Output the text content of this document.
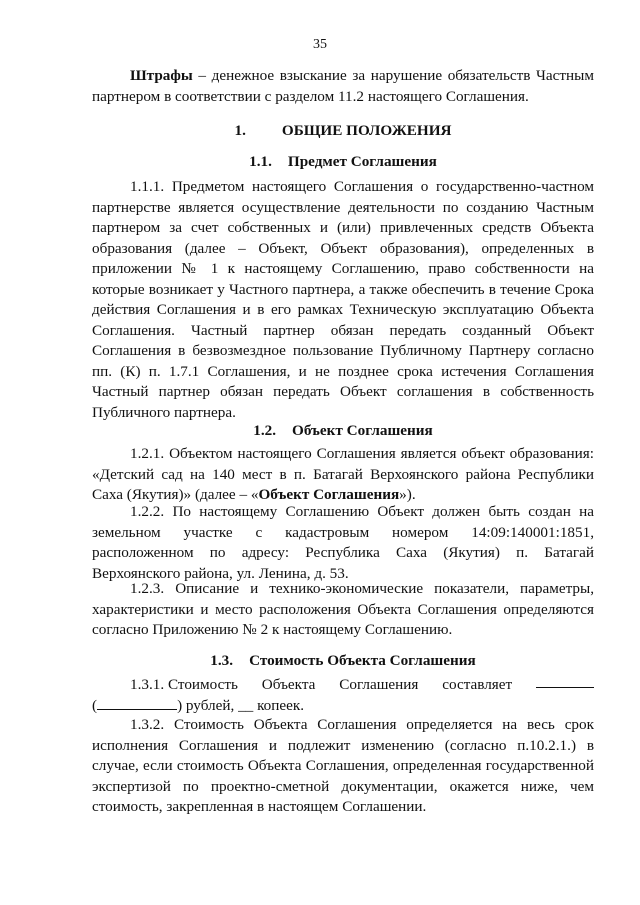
35
Штрафы – денежное взыскание за нарушение обязательств Частным партнером в соответствии с разделом 11.2 настоящего Соглашения.
1. ОБЩИЕ ПОЛОЖЕНИЯ
1.1. Предмет Соглашения
1.1.1. Предметом настоящего Соглашения о государственно-частном партнерстве является осуществление деятельности по созданию Частным партнером за счет собственных и (или) привлеченных средств Объекта образования (далее – Объект, Объект образования), определенных в приложении № 1 к настоящему Соглашению, право собственности на которые возникает у Частного партнера, а также обеспечить в течение Срока действия Соглашения и в его рамках Техническую эксплуатацию Объекта Соглашения. Частный партнер обязан передать созданный Объект Соглашения в безвозмездное пользование Публичному Партнеру согласно пп. (К) п. 1.7.1 Соглашения, и не позднее срока истечения Соглашения Частный партнер обязан передать Объект соглашения в собственность Публичного партнера.
1.2. Объект Соглашения
1.2.1. Объектом настоящего Соглашения является объект образования: «Детский сад на 140 мест в п. Батагай Верхоянского района Республики Саха (Якутия)» (далее – «Объект Соглашения»).
1.2.2. По настоящему Соглашению Объект должен быть создан на земельном участке с кадастровым номером 14:09:140001:1851, расположенном по адресу: Республика Саха (Якутия) п. Батагай Верхоянского района, ул. Ленина, д. 53.
1.2.3. Описание и технико-экономические показатели, параметры, характеристики и место расположения Объекта Соглашения определяются согласно Приложению № 2 к настоящему Соглашению.
1.3. Стоимость Объекта Соглашения
1.3.1. Стоимость Объекта Соглашения составляет
(	) рублей, __ копеек.
1.3.2. Стоимость Объекта Соглашения определяется на весь срок исполнения Соглашения и подлежит изменению (согласно п.10.2.1.) в случае, если стоимость Объекта Соглашения, определенная государственной экспертизой по проектно-сметной документации, окажется ниже, чем стоимость, закрепленная в настоящем Соглашении.
